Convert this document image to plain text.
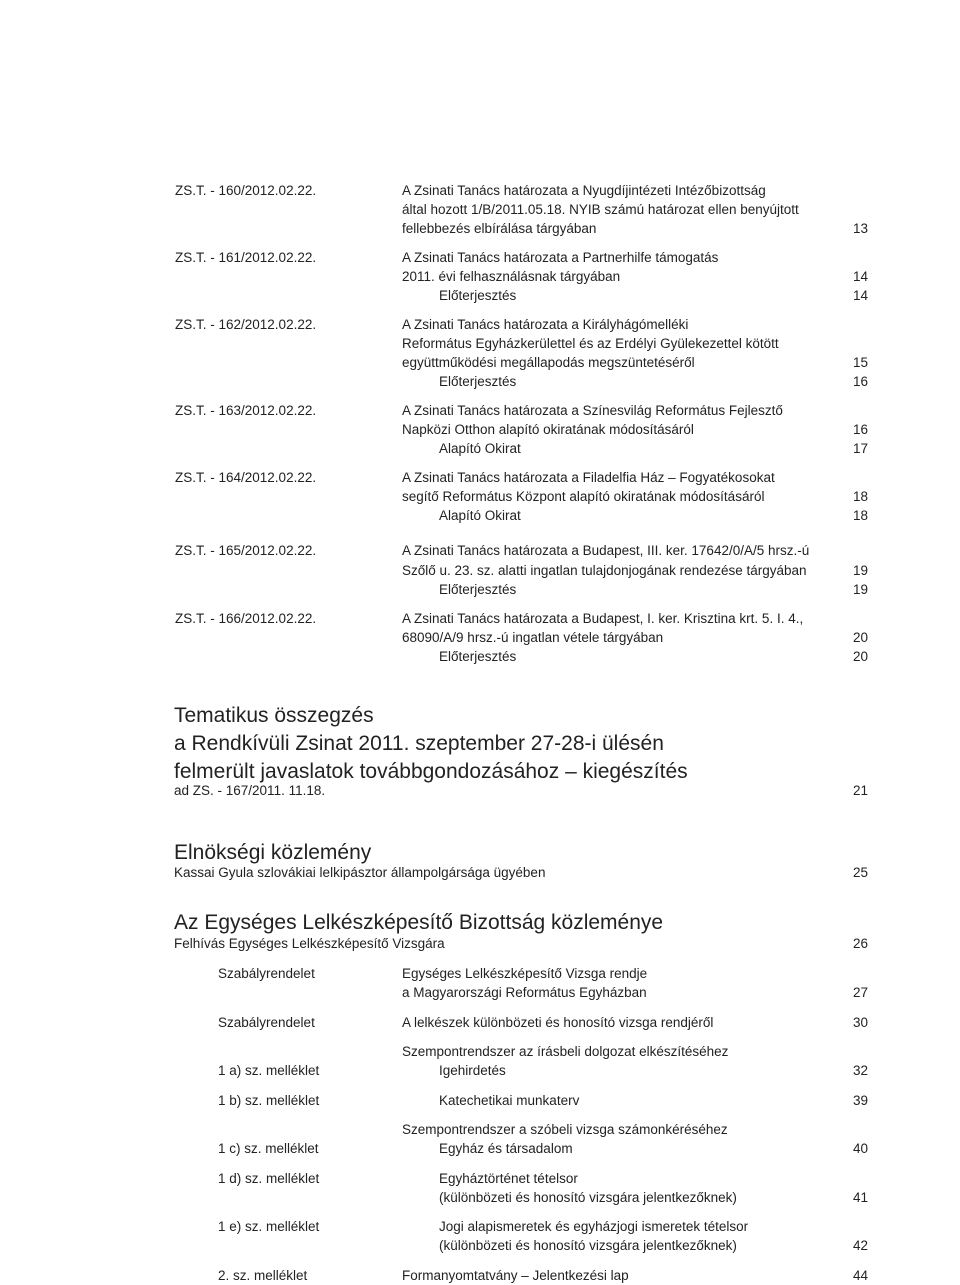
ZS.T. - 160/2012.02.22.	A Zsinati Tanács határozata a Nyugdíjintézeti Intézőbizottság
által hozott 1/B/2011.05.18. NYIB számú határozat ellen benyújtott
fellebbezés elbírálása tárgyában	13
ZS.T. - 161/2012.02.22.	A Zsinati Tanács határozata a Partnerhilfe támogatás
2011. évi felhasználásnak tárgyában	14
Előterjesztés	14
ZS.T. - 162/2012.02.22.	A Zsinati Tanács határozata a Királyhágómelléki
Református Egyházkerülettel és az Erdélyi Gyülekezettel kötött
együttműködési megállapodás megszüntetéséről	15
Előterjesztés	16
ZS.T. - 163/2012.02.22.	A Zsinati Tanács határozata a Színesvilág Református Fejlesztő
Napközi Otthon alapító okiratának módosításáról	16
Alapító Okirat	17
ZS.T. - 164/2012.02.22.	A Zsinati Tanács határozata a Filadelfia Ház – Fogyatékosokat
segítő Református Központ alapító okiratának módosításáról	18
Alapító Okirat	18
ZS.T. - 165/2012.02.22.	A Zsinati Tanács határozata a Budapest, III. ker. 17642/0/A/5 hrsz.-ú
Szőlő u. 23. sz. alatti ingatlan tulajdonjogának rendezése tárgyában	19
Előterjesztés	19
ZS.T. - 166/2012.02.22.	A Zsinati Tanács határozata a Budapest, I. ker. Krisztina krt. 5. I. 4.,
68090/A/9 hrsz.-ú ingatlan vétele tárgyában	20
Előterjesztés	20
Tematikus összegzés
a Rendkívüli Zsinat 2011. szeptember 27-28-i ülésén
felmerült javaslatok továbbgondozásához – kiegészítés
ad ZS. - 167/2011. 11.18.	21
Elnökségi közlemény
Kassai Gyula szlovákiai lelkipásztor állampolgársága ügyében	25
Az Egységes Lelkészképesítő Bizottság közleménye
Felhívás Egységes Lelkészképesítő Vizsgára	26
Szabályrendelet	Egységes Lelkészképesítő Vizsga rendje
a Magyarországi Református Egyházban	27
Szabályrendelet	A lelkészek különbözeti és honosító vizsga rendjéről	30
Szempontrendszer az írásbeli dolgozat elkészítéséhez
1 a) sz. melléklet	Igehirdetés	32
1 b) sz. melléklet	Katechetikai munkaterv	39
Szempontrendszer a szóbeli vizsga számonkéréséhez
1 c) sz. melléklet	Egyház és társadalom	40
1 d) sz. melléklet	Egyháztörténet tételsor
(különbözeti és honosító vizsgára jelentkezőknek)	41
1 e) sz. melléklet	Jogi alapismeretek és egyházjogi ismeretek tételsor
(különbözeti és honosító vizsgára jelentkezőknek)	42
2. sz. melléklet	Formanyomtatvány – Jelentkezési lap	44
